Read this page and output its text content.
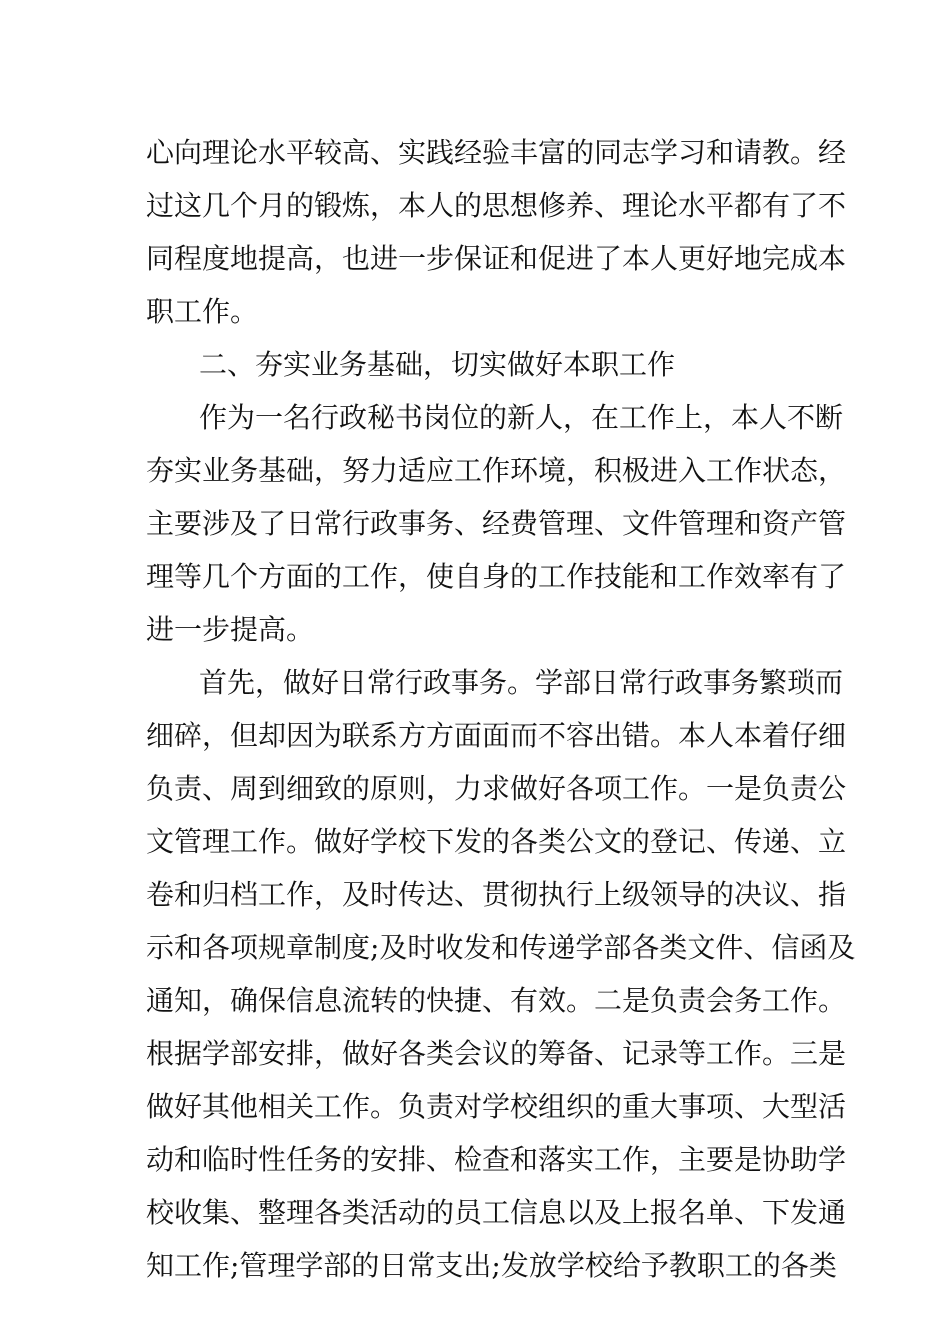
心向理论水平较高、实践经验丰富的同志学习和请教。经
过这几个月的锻炼，本人的思想修养、理论水平都有了不
同程度地提高，也进一步保证和促进了本人更好地完成本
职工作。
二、夯实业务基础，切实做好本职工作
作为一名行政秘书岗位的新人，在工作上，本人不断
夯实业务基础，努力适应工作环境，积极进入工作状态，
主要涉及了日常行政事务、经费管理、文件管理和资产管
理等几个方面的工作，使自身的工作技能和工作效率有了
进一步提高。
首先，做好日常行政事务。学部日常行政事务繁琐而
细碎，但却因为联系方方面面而不容出错。本人本着仔细
负责、周到细致的原则，力求做好各项工作。一是负责公
文管理工作。做好学校下发的各类公文的登记、传递、立
卷和归档工作，及时传达、贯彻执行上级领导的决议、指
示和各项规章制度;及时收发和传递学部各类文件、信函及
通知，确保信息流转的快捷、有效。二是负责会务工作。
根据学部安排，做好各类会议的筹备、记录等工作。三是
做好其他相关工作。负责对学校组织的重大事项、大型活
动和临时性任务的安排、检查和落实工作，主要是协助学
校收集、整理各类活动的员工信息以及上报名单、下发通
知工作;管理学部的日常支出;发放学校给予教职工的各类
